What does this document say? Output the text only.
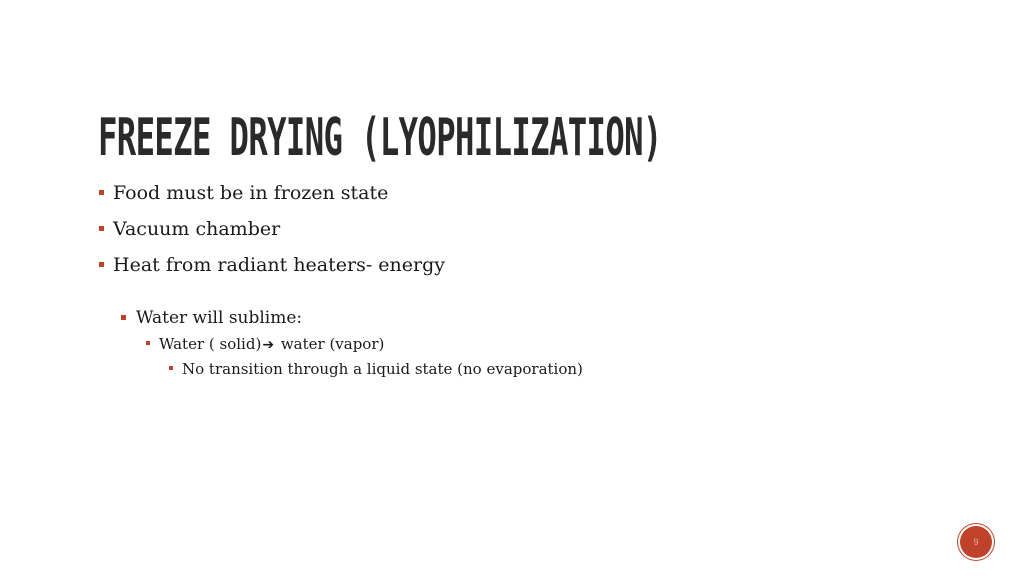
FREEZE DRYING (LYOPHILIZATION)
Food must be in frozen state
Vacuum chamber
Heat from radiant heaters- energy
Water will sublime:
Water ( solid)➔ water (vapor)
No transition through a liquid state (no evaporation)
9
